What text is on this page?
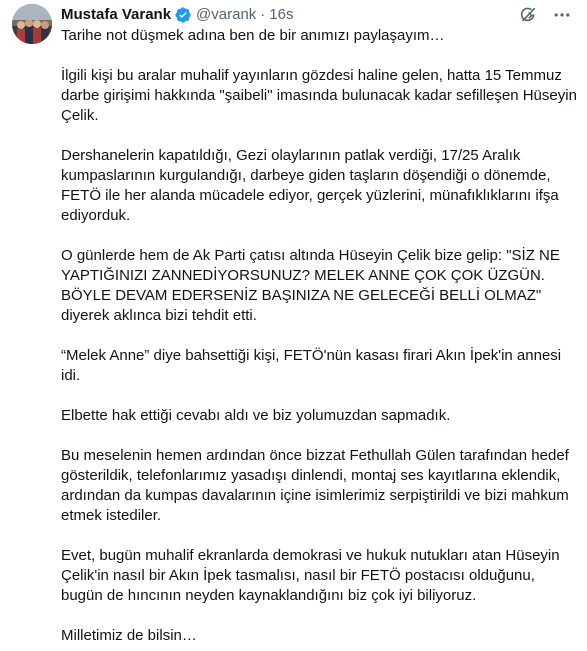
Mustafa Varank @varank · 16s

Tarihe not düşmek adına ben de bir anımızı paylaşayım…

İlgili kişi bu aralar muhalif yayınların gözdesi haline gelen, hatta 15 Temmuz darbe girişimi hakkında "şaibeli" imasında bulunacak kadar sefilleşen Hüseyin Çelik.

Dershanelerin kapatıldığı, Gezi olaylarının patlak verdiği, 17/25 Aralık kumpaslarının kurgulandığı, darbeye giden taşların döşendiği o dönemde, FETÖ ile her alanda mücadele ediyor, gerçek yüzlerini, münafıklıklarını ifşa ediyorduk.

O günlerde hem de Ak Parti çatısı altında Hüseyin Çelik bize gelip: "SİZ NE YAPTIĞINIZI ZANNEDİYORSUNUZ? MELEK ANNE ÇOK ÇOK ÜZGÜN. BÖYLE DEVAM EDERSENİZ BAŞINIZA NE GELECEĞİ BELLİ OLMAZ" diyerek aklınca bizi tehdit etti.

“Melek Anne” diye bahsettiği kişi, FETÖ'nün kasası firari Akın İpek'in annesi idi.

Elbette hak ettiği cevabı aldı ve biz yolumuzdan sapmadık.

Bu meselenin hemen ardından önce bizzat Fethullah Gülen tarafından hedef gösterildik, telefonlarımız yasadışı dinlendi, montaj ses kayıtlarına eklendik, ardından da kumpas davalarının içine isimlerimiz serpiştirildi ve bizi mahkum etmek istediler.

Evet, bugün muhalif ekranlarda demokrasi ve hukuk nutukları atan Hüseyin Çelik'in nasıl bir Akın İpek tasmalısı, nasıl bir FETÖ postacısı olduğunu, bugün de hıncının neyden kaynaklandığını biz çok iyi biliyoruz.

Milletimiz de bilsin…
